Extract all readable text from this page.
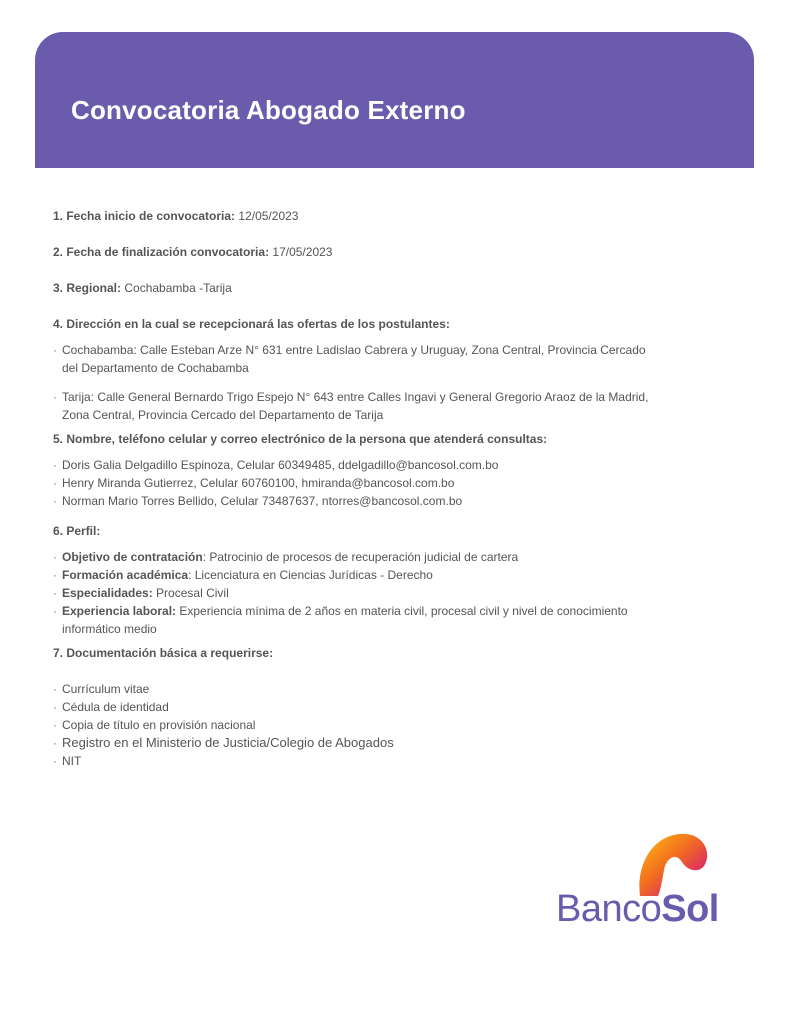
Convocatoria Abogado Externo
1. Fecha inicio de convocatoria: 12/05/2023
2. Fecha de finalización convocatoria: 17/05/2023
3. Regional: Cochabamba -Tarija
4. Dirección en la cual se recepcionará las ofertas de los postulantes:
· Cochabamba: Calle Esteban Arze N° 631 entre Ladislao Cabrera y Uruguay, Zona Central, Provincia Cercado del Departamento de Cochabamba
· Tarija: Calle General Bernardo Trigo Espejo N° 643 entre Calles Ingavi y General Gregorio Araoz de la Madrid, Zona Central, Provincia Cercado del Departamento de Tarija
5. Nombre, teléfono celular y correo electrónico de la persona que atenderá consultas:
· Doris Galia Delgadillo Espinoza, Celular 60349485, ddelgadillo@bancosol.com.bo
· Henry Miranda Gutierrez, Celular 60760100, hmiranda@bancosol.com.bo
· Norman Mario Torres Bellido, Celular 73487637, ntorres@bancosol.com.bo
6. Perfil:
· Objetivo de contratación: Patrocinio de procesos de recuperación judicial de cartera
· Formación académica: Licenciatura en Ciencias Jurídicas - Derecho
· Especialidades: Procesal Civil
· Experiencia laboral: Experiencia mínima de 2 años en materia civil, procesal civil y nivel de conocimiento informático medio
7. Documentación básica a requerirse:
· Currículum vitae
· Cédula de identidad
· Copia de título en provisión nacional
· Registro en el Ministerio de Justicia/Colegio de Abogados
· NIT
BancoSol
